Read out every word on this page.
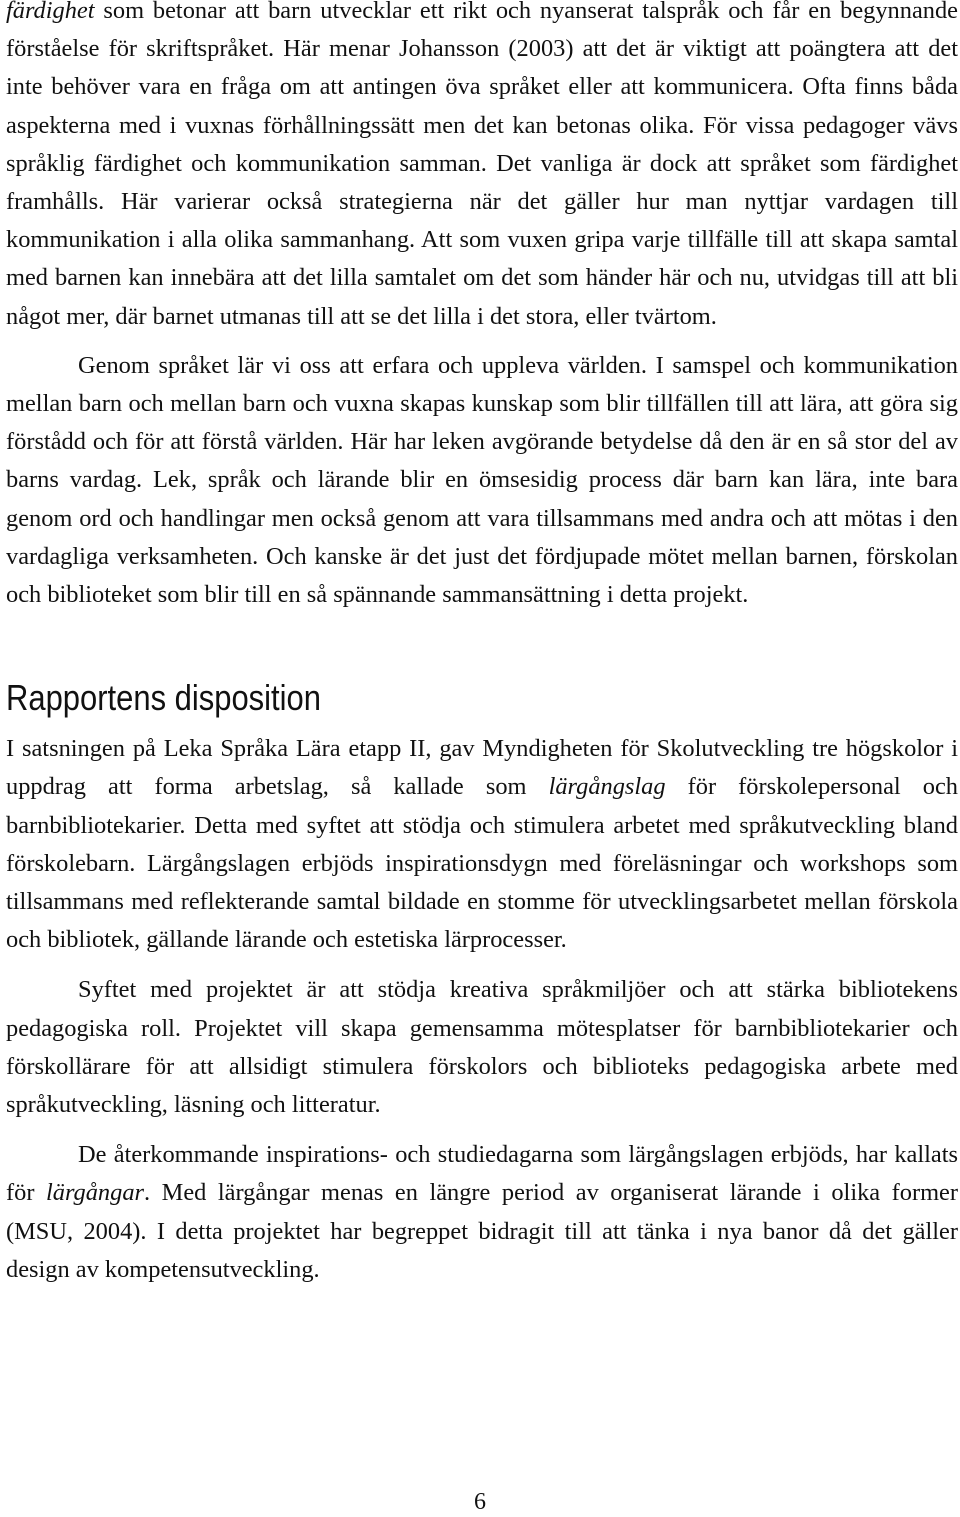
färdighet som betonar att barn utvecklar ett rikt och nyanserat talspråk och får en begynnande förståelse för skriftspråket. Här menar Johansson (2003) att det är viktigt att poängtera att det inte behöver vara en fråga om att antingen öva språket eller att kommunicera. Ofta finns båda aspekterna med i vuxnas förhållningssätt men det kan betonas olika. För vissa pedagoger vävs språklig färdighet och kommunikation samman. Det vanliga är dock att språket som färdighet framhålls. Här varierar också strategierna när det gäller hur man nyttjar vardagen till kommunikation i alla olika sammanhang. Att som vuxen gripa varje tillfälle till att skapa samtal med barnen kan innebära att det lilla samtalet om det som händer här och nu, utvidgas till att bli något mer, där barnet utmanas till att se det lilla i det stora, eller tvärtom.

Genom språket lär vi oss att erfara och uppleva världen. I samspel och kommunikation mellan barn och mellan barn och vuxna skapas kunskap som blir tillfällen till att lära, att göra sig förstådd och för att förstå världen. Här har leken avgörande betydelse då den är en så stor del av barns vardag. Lek, språk och lärande blir en ömsesidig process där barn kan lära, inte bara genom ord och handlingar men också genom att vara tillsammans med andra och att mötas i den vardagliga verksamheten. Och kanske är det just det fördjupade mötet mellan barnen, förskolan och biblioteket som blir till en så spännande sammansättning i detta projekt.

Rapportens disposition

I satsningen på Leka Språka Lära etapp II, gav Myndigheten för Skolutveckling tre högskolor i uppdrag att forma arbetslag, så kallade som lärgångslag för förskolepersonal och barnbibliotekarier. Detta med syftet att stödja och stimulera arbetet med språkutveckling bland förskolebarn. Lärgångslagen erbjöds inspirationsdygn med föreläsningar och workshops som tillsammans med reflekterande samtal bildade en stomme för utvecklingsarbetet mellan förskola och bibliotek, gällande lärande och estetiska lärprocesser.

Syftet med projektet är att stödja kreativa språkmiljöer och att stärka bibliotekens pedagogiska roll. Projektet vill skapa gemensamma mötesplatser för barnbibliotekarier och förskollärare för att allsidigt stimulera förskolors och biblioteks pedagogiska arbete med språkutveckling, läsning och litteratur.

De återkommande inspirations- och studiedagarna som lärgångslagen erbjöds, har kallats för lärgångar. Med lärgångar menas en längre period av organiserat lärande i olika former (MSU, 2004). I detta projektet har begreppet bidragit till att tänka i nya banor då det gäller design av kompetensutveckling.

6
